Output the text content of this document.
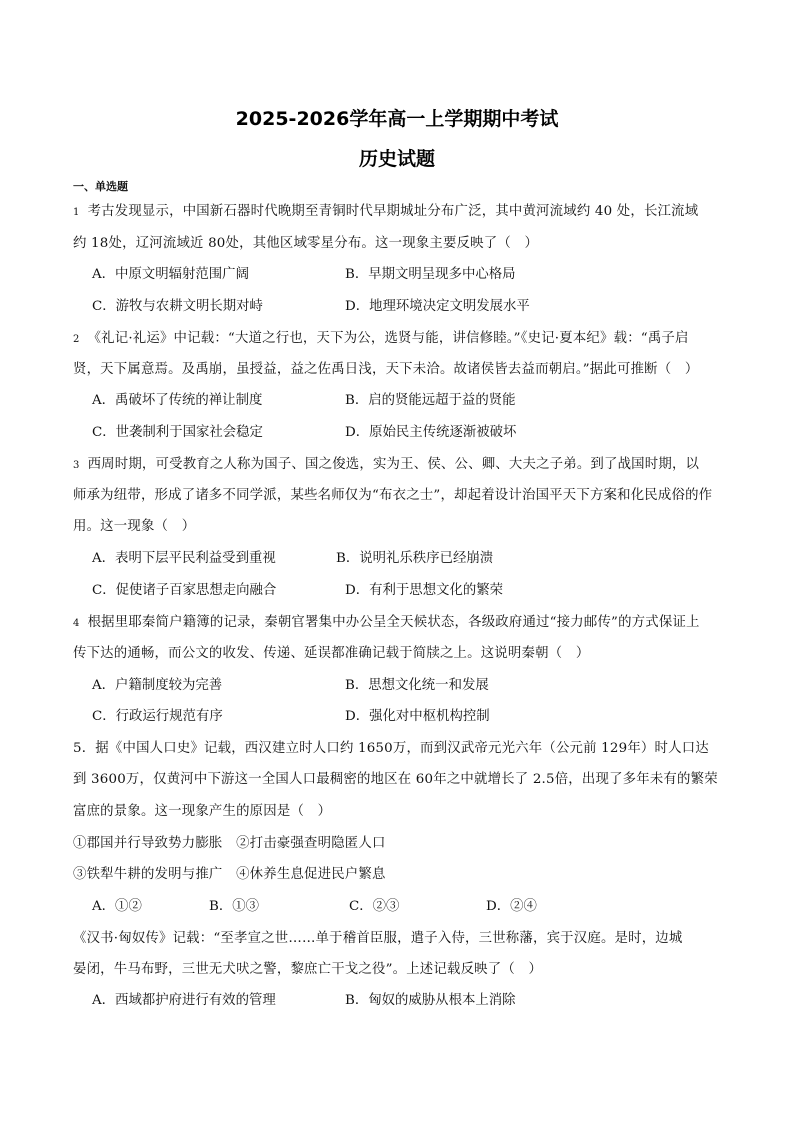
2025-2026学年高一上学期期中考试
历史试题
一、单选题
1 考古发现显示，中国新石器时代晚期至青铜时代早期城址分布广泛，其中黄河流域约 40 处，长江流域
约 18处，辽河流域近 80处，其他区域零星分布。这一现象主要反映了（　）
A．中原文明辐射范围广阔	B．早期文明呈现多中心格局
C．游牧与农耕文明长期对峙	D．地理环境决定文明发展水平
2 《礼记·礼运》中记载：“大道之行也，天下为公，选贤与能，讲信修睦。”《史记·夏本纪》载：“禹子启
贤，天下属意焉。及禹崩，虽授益，益之佐禹日浅，天下未洽。故诸侯皆去益而朝启。”据此可推断（　）
A．禹破坏了传统的禅让制度	B．启的贤能远超于益的贤能
C．世袭制利于国家社会稳定	D．原始民主传统逐渐被破坏
3 西周时期，可受教育之人称为国子、国之俊选，实为王、侯、公、卿、大夫之子弟。到了战国时期，以
师承为纽带，形成了诸多不同学派，某些名师仅为“布衣之士”，却起着设计治国平天下方案和化民成俗的作
用。这一现象（　）
A．表明下层平民利益受到重视	B．说明礼乐秩序已经崩溃
C．促使诸子百家思想走向融合	D．有利于思想文化的繁荣
4 根据里耶秦简户籍簿的记录，秦朝官署集中办公呈全天候状态，各级政府通过“接力邮传”的方式保证上
传下达的通畅，而公文的收发、传递、延误都准确记载于简牍之上。这说明秦朝（　）
A．户籍制度较为完善	B．思想文化统一和发展
C．行政运行规范有序	D．强化对中枢机构控制
5．据《中国人口史》记载，西汉建立时人口约 1650万，而到汉武帝元光六年（公元前 129年）时人口达
到 3600万，仅黄河中下游这一全国人口最稠密的地区在 60年之中就增长了 2.5倍，出现了多年未有的繁荣
富庶的景象。这一现象产生的原因是（　）
①郡国并行导致势力膨胀　②打击豪强查明隐匿人口
③铁犁牛耕的发明与推广　④休养生息促进民户繁息
A．①②	B．①③	C．②③	D．②④
《汉书·匈奴传》记载：“至孝宣之世……单于稽首臣服，遣子入侍，三世称藩，宾于汉庭。是时，边城
晏闭，牛马布野，三世无犬吠之警，黎庶亡干戈之役”。上述记载反映了（　）
A．西域都护府进行有效的管理	B．匈奴的威胁从根本上消除
